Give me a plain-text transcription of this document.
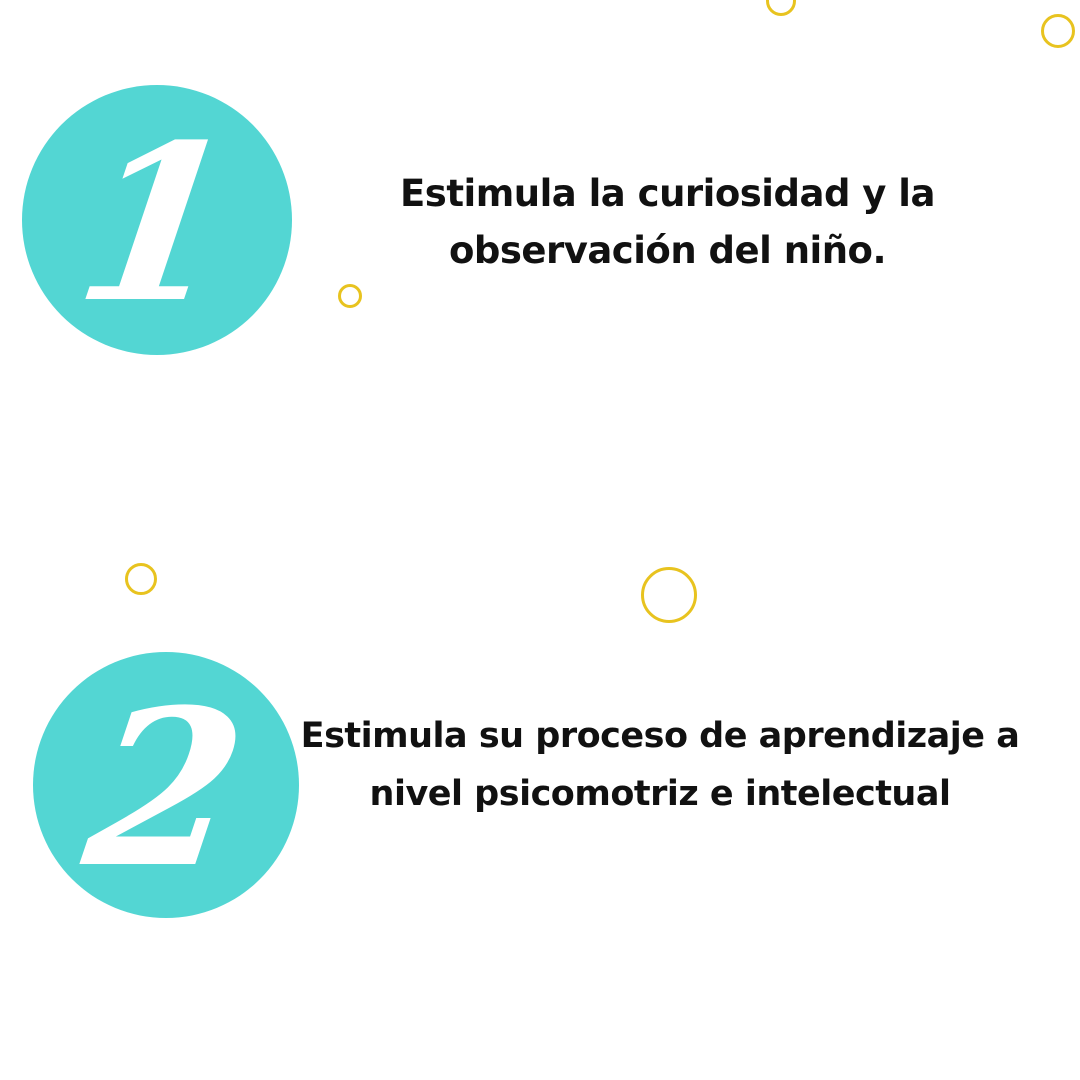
1	Estimula la curiosidad y la observación del niño.

2 Estimula su proceso de aprendizaje a nivel psicomotriz e intelectual
